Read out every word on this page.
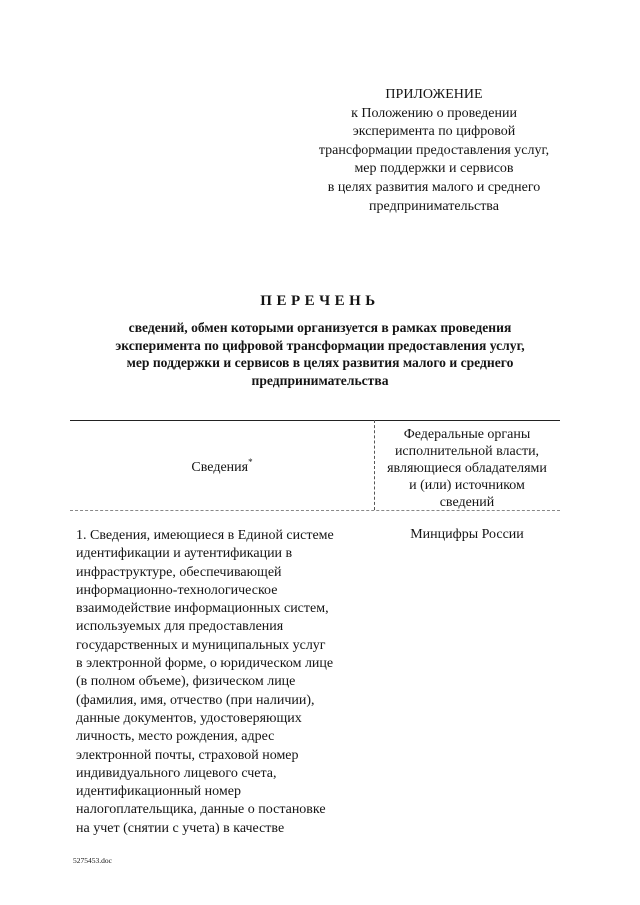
ПРИЛОЖЕНИЕ
к Положению о проведении
эксперимента по цифровой
трансформации предоставления услуг,
мер поддержки и сервисов
в целях развития малого и среднего
предпринимательства
ПЕРЕЧЕНЬ
сведений, обмен которыми организуется в рамках проведения
эксперимента по цифровой трансформации предоставления услуг,
мер поддержки и сервисов в целях развития малого и среднего
предпринимательства
Сведения*
Федеральные органы
исполнительной власти,
являющиеся обладателями
и (или) источником
сведений
1. Сведения, имеющиеся в Единой системе
идентификации и аутентификации в
инфраструктуре, обеспечивающей
информационно-технологическое
взаимодействие информационных систем,
используемых для предоставления
государственных и муниципальных услуг
в электронной форме, о юридическом лице
(в полном объеме), физическом лице
(фамилия, имя, отчество (при наличии),
данные документов, удостоверяющих
личность, место рождения, адрес
электронной почты, страховой номер
индивидуального лицевого счета,
идентификационный номер
налогоплательщика, данные о постановке
на учет (снятии с учета) в качестве
Минцифры России
5275453.doc
